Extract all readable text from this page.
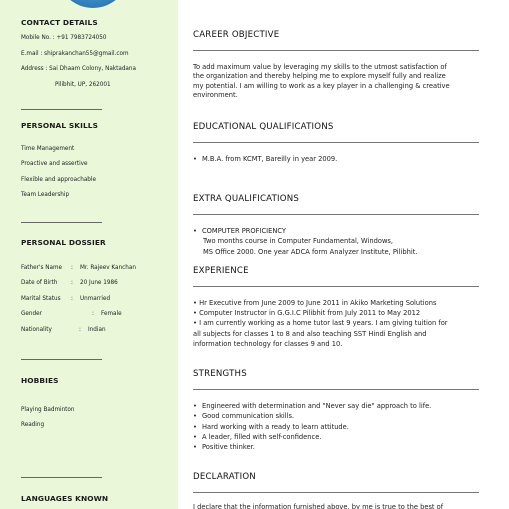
CONTACT DETAILS
Mobile No. : +91 7983724050
E.mail : shiprakanchan55@gmail.com
Address : Sai Dhaam Colony, Naktadana
Pilibhit, UP, 262001
PERSONAL SKILLS
Time Management
Proactive and assertive
Flexible and approachable
Team Leadership
PERSONAL DOSSIER
Father's Name	:	Mr. Rajeev Kanchan
Date of Birth	:	20 June 1986
Marital Status	:	Unmarried
Gender	:	Female
Nationality	:	Indian
HOBBIES
Playing Badminton
Reading
LANGUAGES KNOWN
CAREER OBJECTIVE
To add maximum value by leveraging my skills to the utmost satisfaction of
the organization and thereby helping me to explore myself fully and realize
my potential. I am willing to work as a key player in a challenging & creative
environment.
EDUCATIONAL QUALIFICATIONS
• M.B.A. from KCMT, Bareilly in year 2009.
EXTRA QUALIFICATIONS
• COMPUTER PROFICIENCY
Two months course in Computer Fundamental, Windows,
MS Office 2000. One year ADCA form Analyzer Institute, Pilibhit.
EXPERIENCE
• Hr Executive from June 2009 to June 2011 in Akiko Marketing Solutions
• Computer Instructor in G.G.I.C Pilibhit from July 2011 to May 2012
• I am currently working as a home tutor last 9 years. I am giving tuition for
all subjects for classes 1 to 8 and also teaching SST Hindi English and
information technology for classes 9 and 10.
STRENGTHS
• Engineered with determination and "Never say die" approach to life.
• Good communication skills.
• Hard working with a ready to learn attitude.
• A leader, filled with self-confidence.
• Positive thinker.
DECLARATION
I declare that the information furnished above, by me is true to the best of
